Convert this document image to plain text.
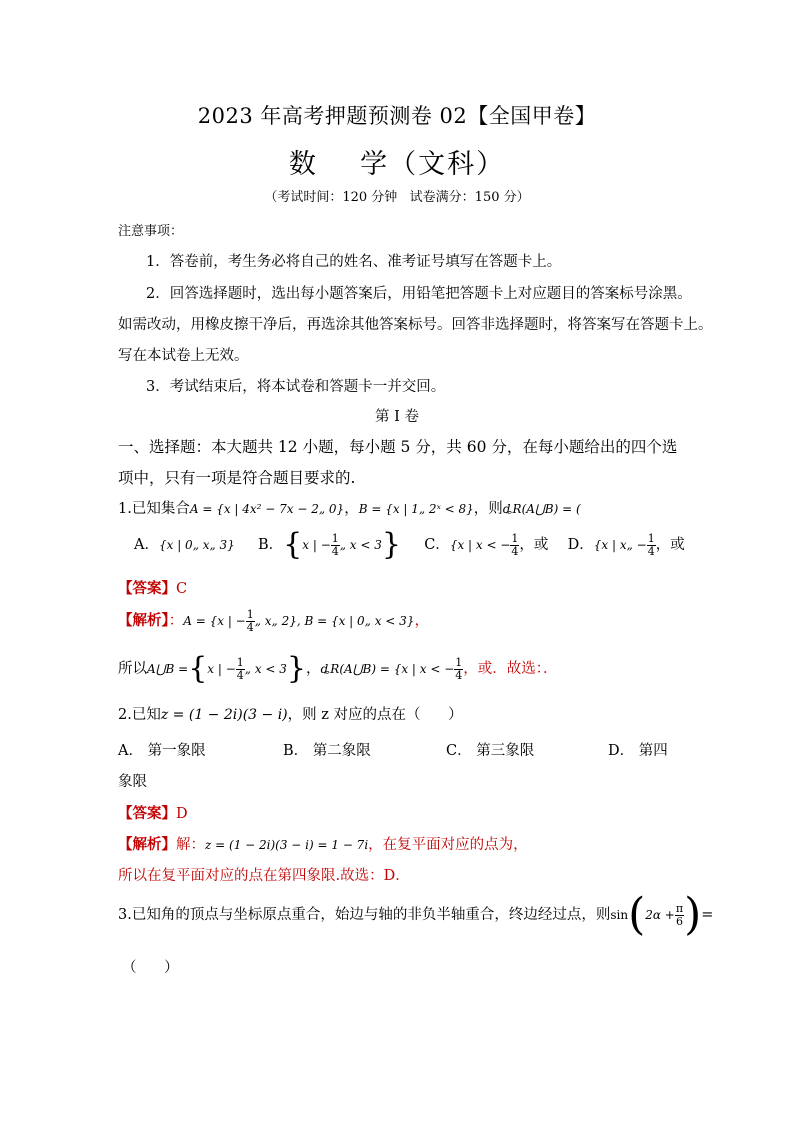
2023 年高考押题预测卷 02【全国甲卷】
数    学（文科）
（考试时间：120 分钟   试卷满分：150 分）
注意事项：
1．答卷前，考生务必将自己的姓名、准考证号填写在答题卡上。
2．回答选择题时，选出每小题答案后，用铅笔把答题卡上对应题目的答案标号涂黑。
如需改动，用橡皮擦干净后，再选涂其他答案标号。回答非选择题时，将答案写在答题卡上。
写在本试卷上无效。
3．考试结束后，将本试卷和答题卡一并交回。
第 I 卷
一、选择题：本大题共 12 小题，每小题 5 分，共 60 分，在每小题给出的四个选
项中，只有一项是符合题目要求的.
1.已知集合A = {x | 4x² − 7x − 2„ 0}，B = {x | 1„ 2ˣ < 8}，则ȡR(A⋃B) = (
A．{x | 0„ x„ 3} B．{x | − $\frac{1}{4}$ „ x < 3} C．{x | x < − $\frac{1}{4}$ ，或 D．{x | x„ − $\frac{1}{4}$ ，或
【答案】C
【解析】：A = {x | − $\frac{1}{4}$ „ x„ 2}, B = {x | 0„ x < 3}，
所以A⋃B ={x | − $\frac{1}{4}$ „ x < 3}，ȡR(A⋃B) = {x | x < − $\frac{1}{4}$ ，或．故选：．
2.已知z = (1 − 2i)(3 − i)，则 z 对应的点在（      ）
A． 第一象限	B． 第二象限	C． 第三象限	D． 第四
象限
【答案】D
【解析】解：z = (1 − 2i)(3 − i) = 1 − 7i，在复平面对应的点为，
所以在复平面对应的点在第四象限.故选：D．
3.已知角的顶点与坐标原点重合，始边与轴的非负半轴重合，终边经过点，则$\sin(2\alpha + \frac{\pi}{6}$ )=
（      ）
